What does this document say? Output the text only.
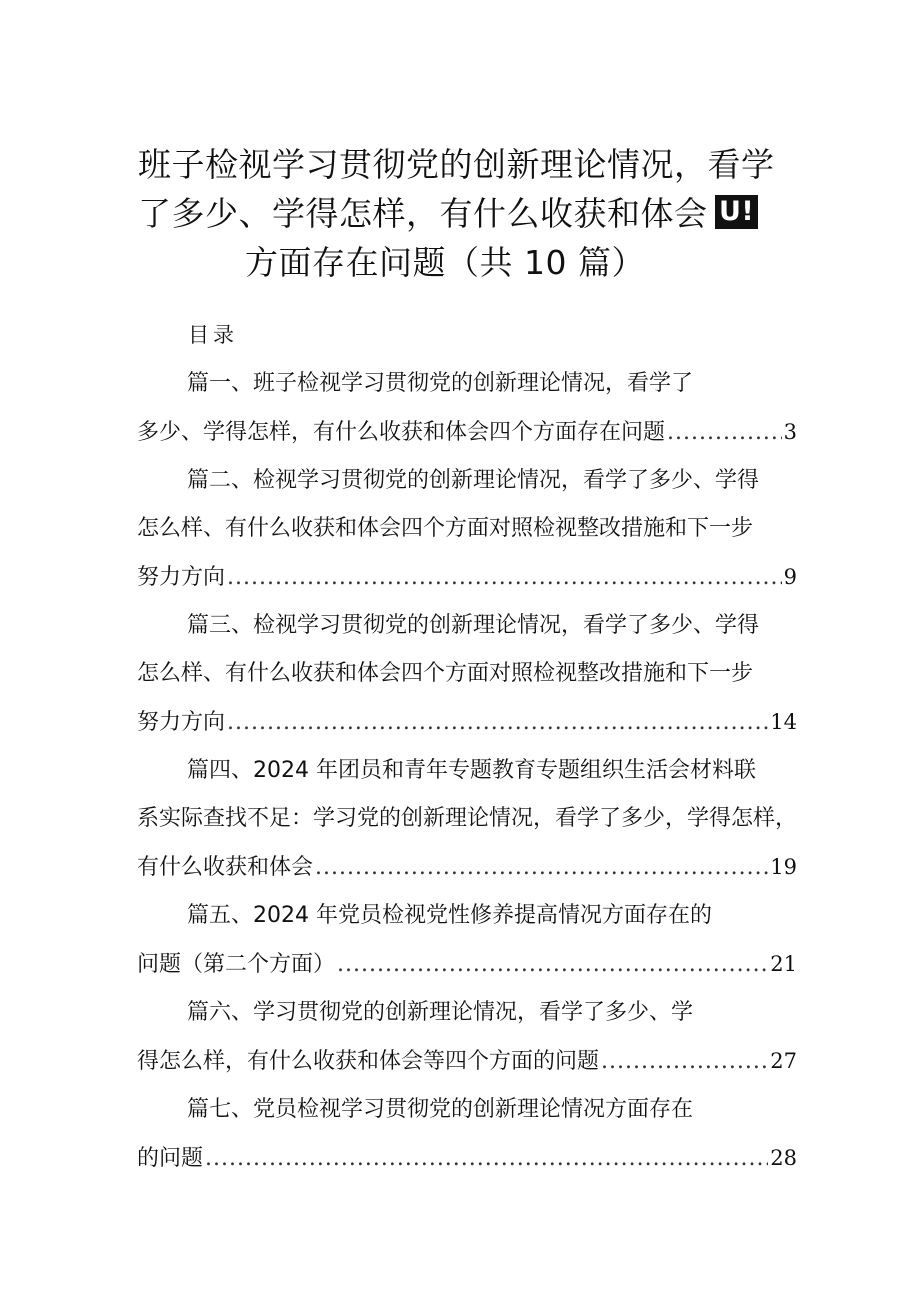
班子检视学习贯彻党的创新理论情况，看学
了多少、学得怎样，有什么收获和体会 U!
方面存在问题（共 10 篇）
目录
篇一、班子检视学习贯彻党的创新理论情况，看学了
多少、学得怎样，有什么收获和体会四个方面存在问题 .....	3
篇二、检视学习贯彻党的创新理论情况，看学了多少、学得
怎么样、有什么收获和体会四个方面对照检视整改措施和下一步
努力方向 .....	9
篇三、检视学习贯彻党的创新理论情况，看学了多少、学得
怎么样、有什么收获和体会四个方面对照检视整改措施和下一步
努力方向 .....	14
篇四、2024 年团员和青年专题教育专题组织生活会材料联
系实际查找不足：学习党的创新理论情况，看学了多少，学得怎样，
有什么收获和体会 .....	19
篇五、2024 年党员检视党性修养提高情况方面存在的
问题（第二个方面） .....	21
篇六、学习贯彻党的创新理论情况，看学了多少、学
得怎么样，有什么收获和体会等四个方面的问题 .....	27
篇七、党员检视学习贯彻党的创新理论情况方面存在
的问题 .....	28
